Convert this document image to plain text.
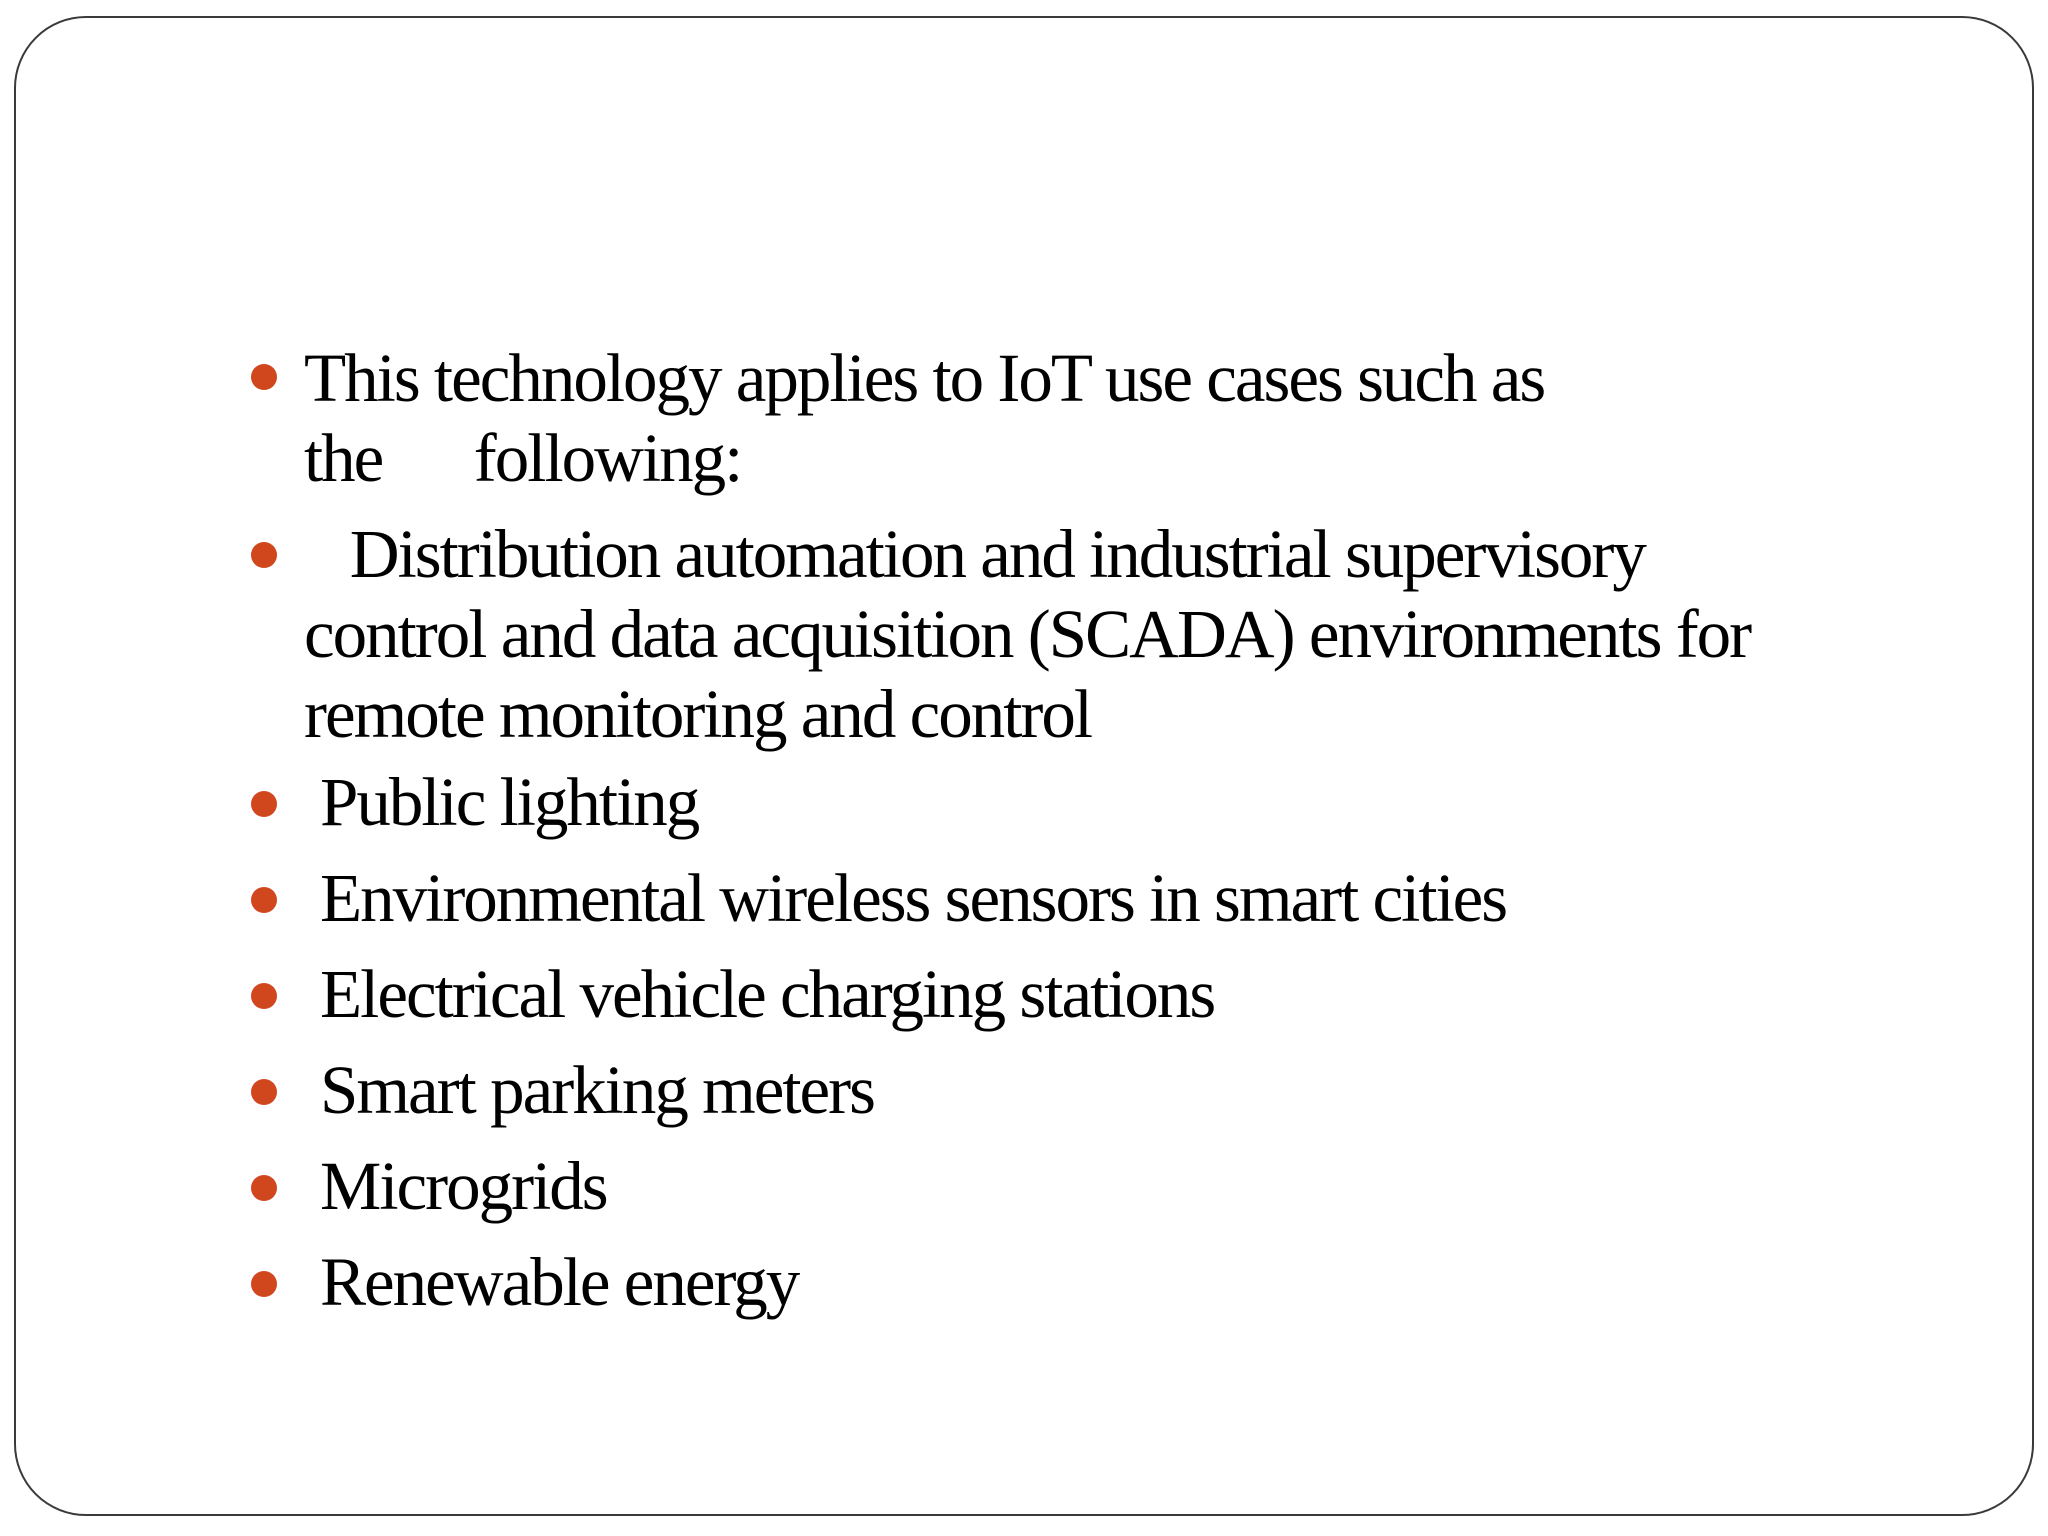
This technology applies to IoT use cases such as
the      following:
Distribution automation and industrial supervisory
control and data acquisition (SCADA) environments for
remote monitoring and control
Public lighting
Environmental wireless sensors in smart cities
Electrical vehicle charging stations
Smart parking meters
Microgrids
Renewable energy
